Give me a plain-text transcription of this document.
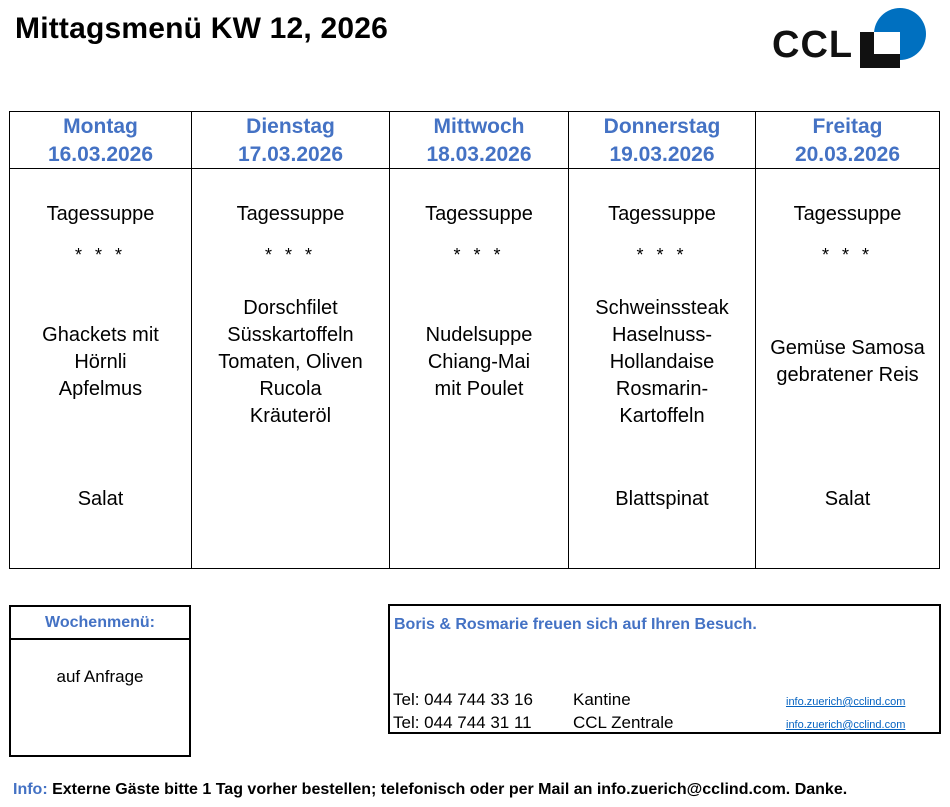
Mittagsmenü KW 12, 2026	CCL
Montag
16.03.2026
Tagessuppe
* * *
Ghackets mit
Hörnli
Apfelmus
Salat
Dienstag
17.03.2026
Tagessuppe
* * *
Dorschfilet
Süsskartoffeln
Tomaten, Oliven
Rucola
Kräuteröl
Mittwoch
18.03.2026
Tagessuppe
* * *
Nudelsuppe
Chiang-Mai
mit Poulet
Donnerstag
19.03.2026
Tagessuppe
* * *
Schweinssteak
Haselnuss-
Hollandaise
Rosmarin-
Kartoffeln
Blattspinat
Freitag
20.03.2026
Tagessuppe
* * *
Gemüse Samosa
gebratener Reis
Salat
Wochenmenü:
auf Anfrage
Boris & Rosmarie freuen sich auf Ihren Besuch.
Tel: 044 744 33 16 Kantine	info.zuerich@cclind.com
Tel: 044 744 31 11 CCL Zentrale	info.zuerich@cclind.com
Info: Externe Gäste bitte 1 Tag vorher bestellen; telefonisch oder per Mail an info.zuerich@cclind.com. Danke.
